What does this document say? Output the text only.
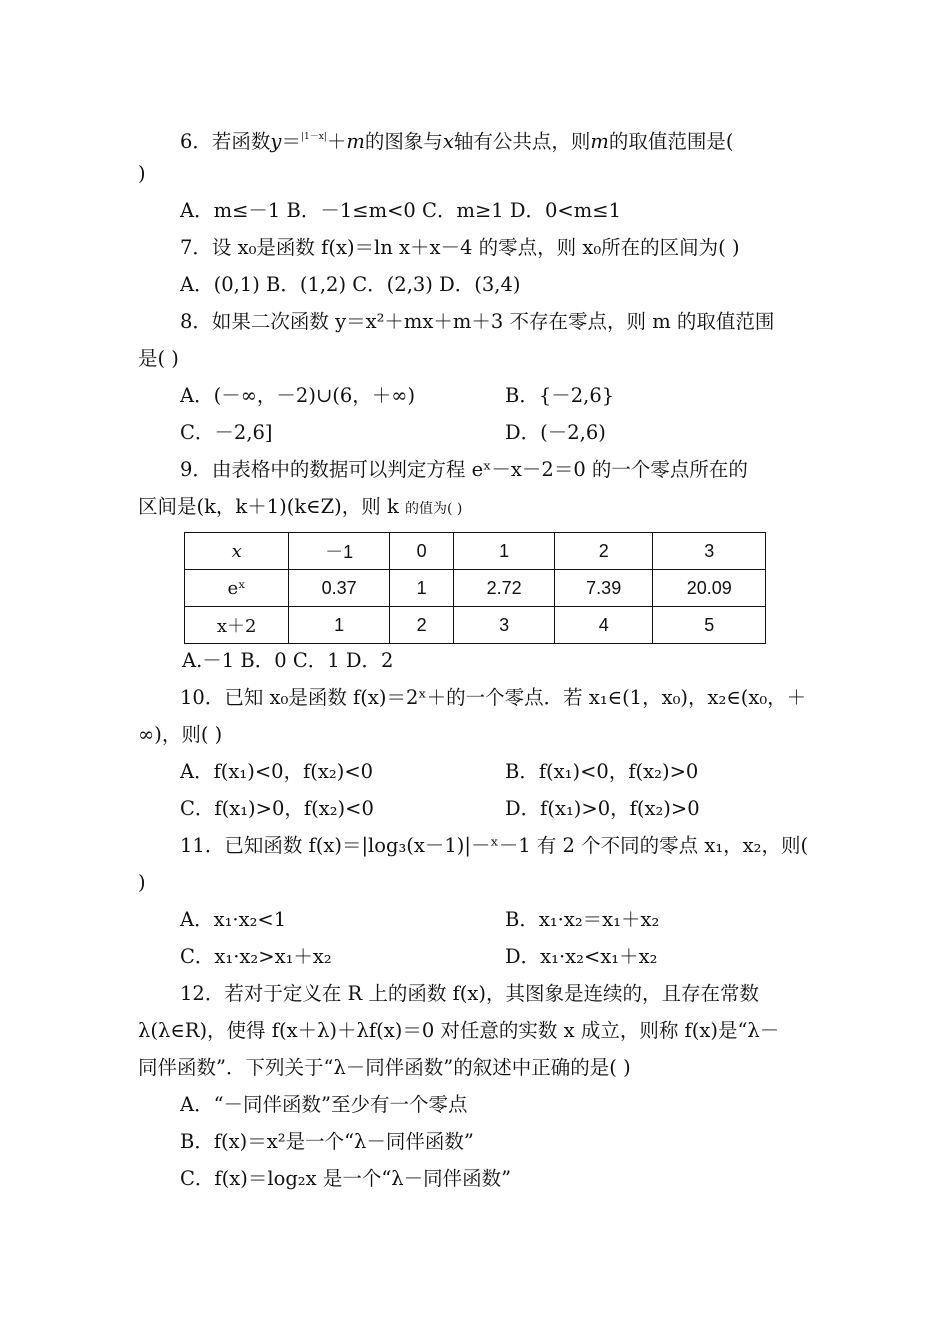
6．若函数y＝$^{|1-x|}$＋m的图象与x轴有公共点，则m的取值范围是(
)
A．m≤－1 B．－1≤m<0 C．m≥1 D．0<m≤1
7．设 x₀是函数 f(x)＝ln x＋x－4 的零点，则 x₀所在的区间为( )
A．(0,1) B．(1,2) C．(2,3) D．(3,4)
8．如果二次函数 y＝x²＋mx＋m＋3 不存在零点，则 m 的取值范围
是( )
A．(－∞，－2)∪(6，＋∞)	B．{－2,6}
C．－2,6]	D．(－2,6)
9．由表格中的数据可以判定方程 eˣ－x－2＝0 的一个零点所在的
区间是(k，k＋1)(k∈Z)，则 k 的值为( )
x	－1	0	1	2	3
eˣ	0.37	1	2.72	7.39	20.09
x＋2	1	2	3	4	5
A.－1 B．0 C．1 D．2
10．已知 x₀是函数 f(x)＝2ˣ＋的一个零点．若 x₁∈(1，x₀)，x₂∈(x₀，＋
∞)，则( )
A．f(x₁)<0，f(x₂)<0	B．f(x₁)<0，f(x₂)>0
C．f(x₁)>0，f(x₂)<0	D．f(x₁)>0，f(x₂)>0
11．已知函数 f(x)＝|log₃(x－1)|－ˣ－1 有 2 个不同的零点 x₁，x₂，则(
)
A．x₁·x₂<1	B．x₁·x₂＝x₁＋x₂
C．x₁·x₂>x₁＋x₂	D．x₁·x₂<x₁＋x₂
12．若对于定义在 R 上的函数 f(x)，其图象是连续的，且存在常数
λ(λ∈R)，使得 f(x＋λ)＋λf(x)＝0 对任意的实数 x 成立，则称 f(x)是“λ－
同伴函数”．下列关于“λ－同伴函数”的叙述中正确的是( )
A．“－同伴函数”至少有一个零点
B．f(x)＝x²是一个“λ－同伴函数”
C．f(x)＝log₂x 是一个“λ－同伴函数”
